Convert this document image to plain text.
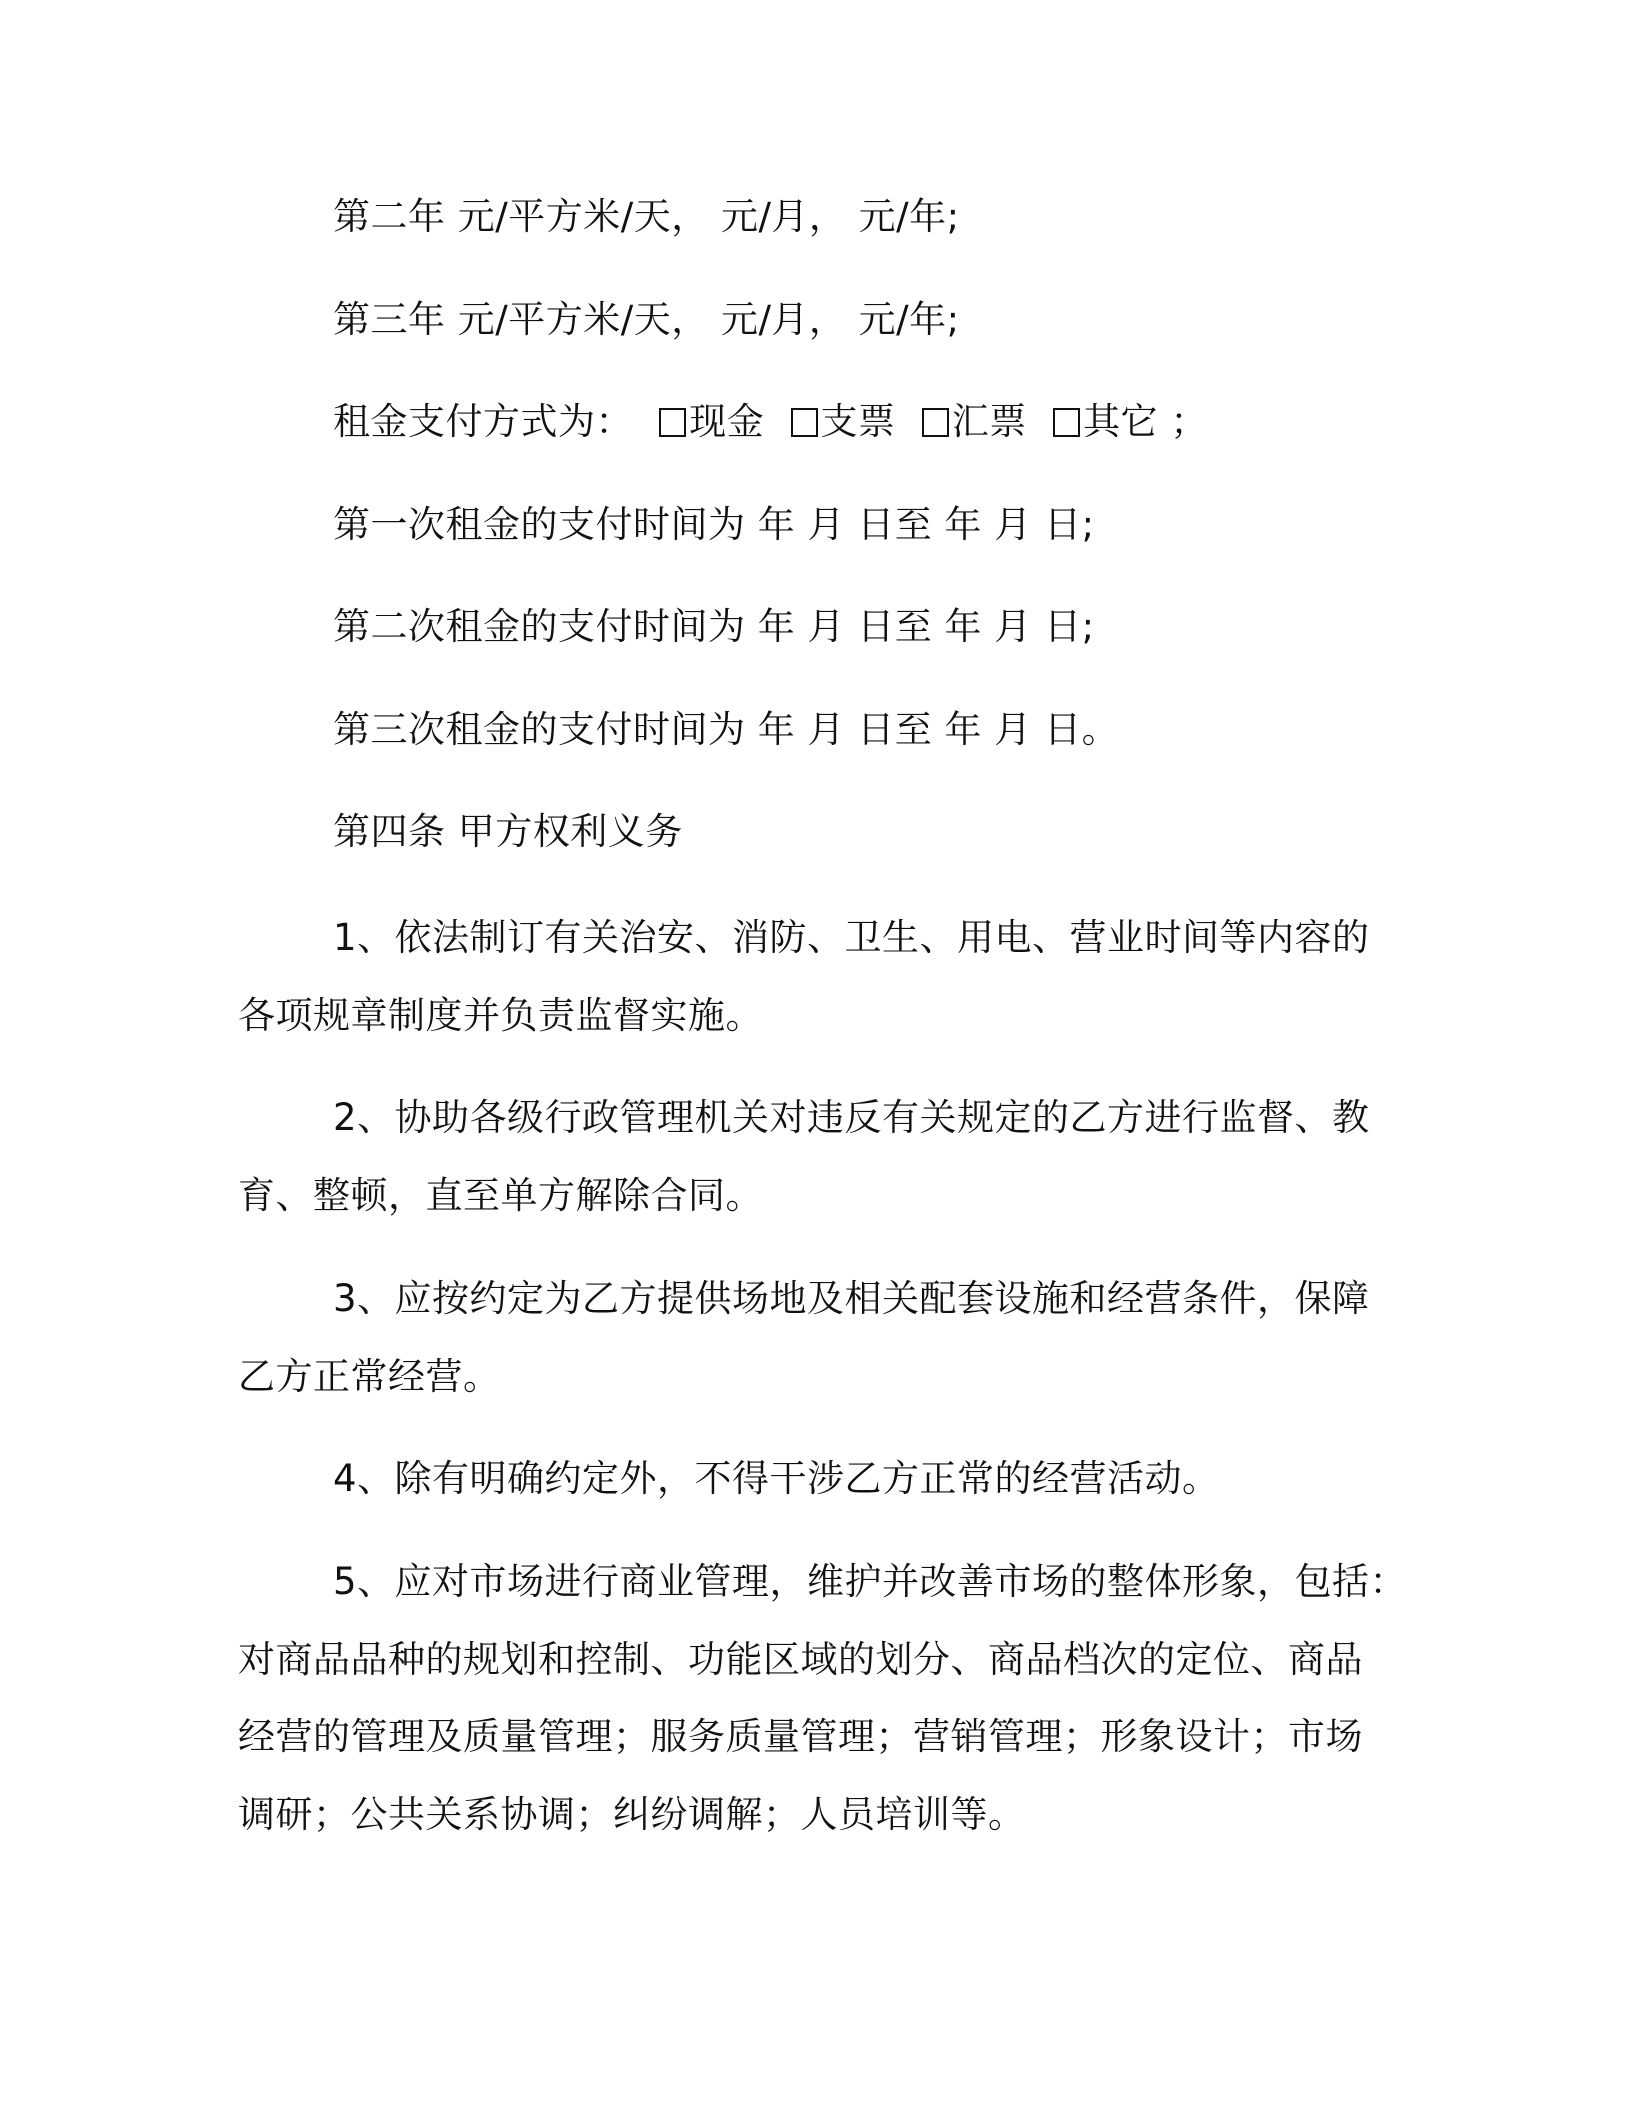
第二年 元/平方米/天， 元/月， 元/年;
第三年 元/平方米/天， 元/月， 元/年;
租金支付方式为： 现金 支票 汇票 其它 ；
第一次租金的支付时间为 年 月 日至 年 月 日;
第二次租金的支付时间为 年 月 日至 年 月 日;
第三次租金的支付时间为 年 月 日至 年 月 日。
第四条 甲方权利义务
1、依法制订有关治安、消防、卫生、用电、营业时间等内容的
各项规章制度并负责监督实施。
2、协助各级行政管理机关对违反有关规定的乙方进行监督、教
育、整顿，直至单方解除合同。
3、应按约定为乙方提供场地及相关配套设施和经营条件，保障
乙方正常经营。
4、除有明确约定外，不得干涉乙方正常的经营活动。
5、应对市场进行商业管理，维护并改善市场的整体形象，包括：
对商品品种的规划和控制、功能区域的划分、商品档次的定位、商品
经营的管理及质量管理；服务质量管理；营销管理；形象设计；市场
调研；公共关系协调；纠纷调解；人员培训等。
